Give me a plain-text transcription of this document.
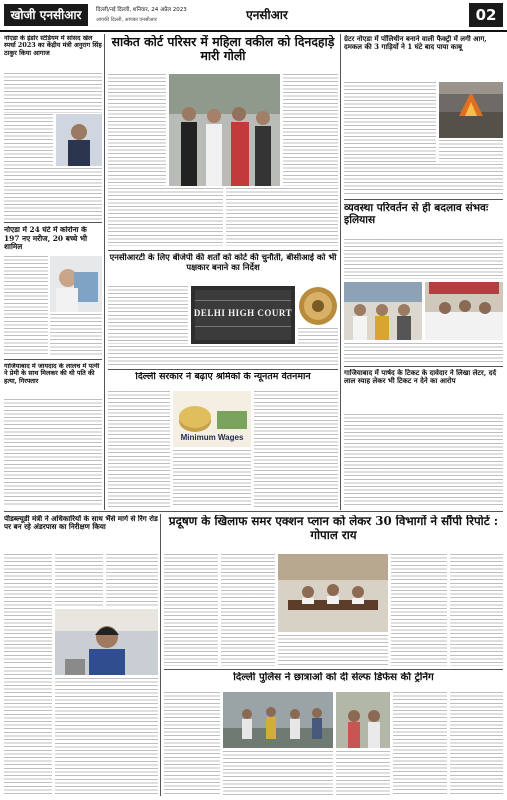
खोजी एनसीआर	दिल्ली/नई दिल्ली, शनिवार, 24 अप्रैल 2023
आपकी दिल्ली, आपका एनसीआर	एनसीआर	02
नोएडा के इंडोर स्टेडियम में सांसद खेल स्पर्धा 2023 का केंद्रीय मंत्री अनुराग सिंह ठाकुर किया आगाज
नोएडा में 24 घंटे में कोरोना के 197 नए मरीज, 20 बच्चे भी शामिल
गाजियाबाद में जायदाद के लालच में पत्नी ने प्रेमी के साथ मिलकर की थी पति की हत्या, गिरफ्तार
साकेत कोर्ट परिसर में महिला वकील को दिनदहाड़े मारी गोली
एनसीआरटी के लिए बीजेपी की शर्तों को कोर्ट की चुनौती, बीसीआई को भी पक्षकार बनाने का निर्देश
DELHI HIGH COURT
दिल्ली सरकार ने बढ़ाए श्रमिकों के न्यूनतम वेतनमान
Minimum Wages
ग्रेटर नोएडा में पॉलिथीन बनाने वाली फैक्ट्री में लगी आग, दमकल की 3 गाड़ियों ने 1 घंटे बाद पाया काबू
व्यवस्था परिवर्तन से ही बदलाव संभवः इलियास
गाजियाबाद में पार्षद के टिकट के दावेदार ने लिखा लेटर, दर्द लाल स्याह लेकर भी टिकट न देने का आरोप
पीडब्ल्यूडी मंत्री ने अधिकारियों के साथ भैंसे मार्ग से रिंग रोड पर बन रहे अंडरपास का निरीक्षण किया	प्रदूषण के खिलाफ समर एक्शन प्लान को लेकर 30 विभागों ने सौंपी रिपोर्ट : गोपाल राय
दिल्ली पुलिस ने छात्राओं को दी सेल्फ डिफेंस की ट्रेनिंग
